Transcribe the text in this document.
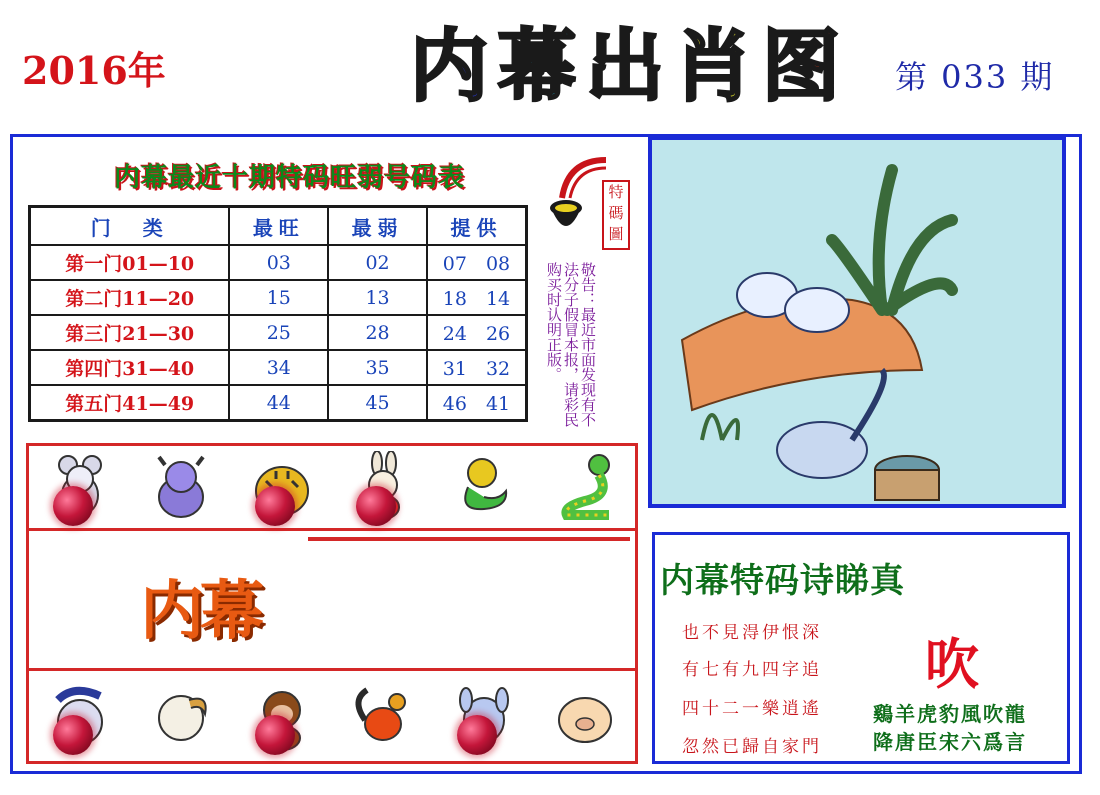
2016年	内 幕 出 肖 图 第 033 期
内幕最近十期特码旺弱号码表
门　类	最旺	最弱	提供
第一门01—10	03	02	07　08
第二门11—20	15	13	18　14
第三门21—30	25	28	24　26
第四门31—40	34	35	31　32
第五门41—49	44	45	46　41
特碼圖
敬告：最近市面发现有不法分子假冒本报，请彩民购买时认明正版。
内幕	内幕特码诗睇真
也不見淂伊恨深
有七有九四字追
四十二一樂逍遙
忽然已歸自家門
吹
鷄羊虎豹風吹龍
降唐臣宋六爲言
